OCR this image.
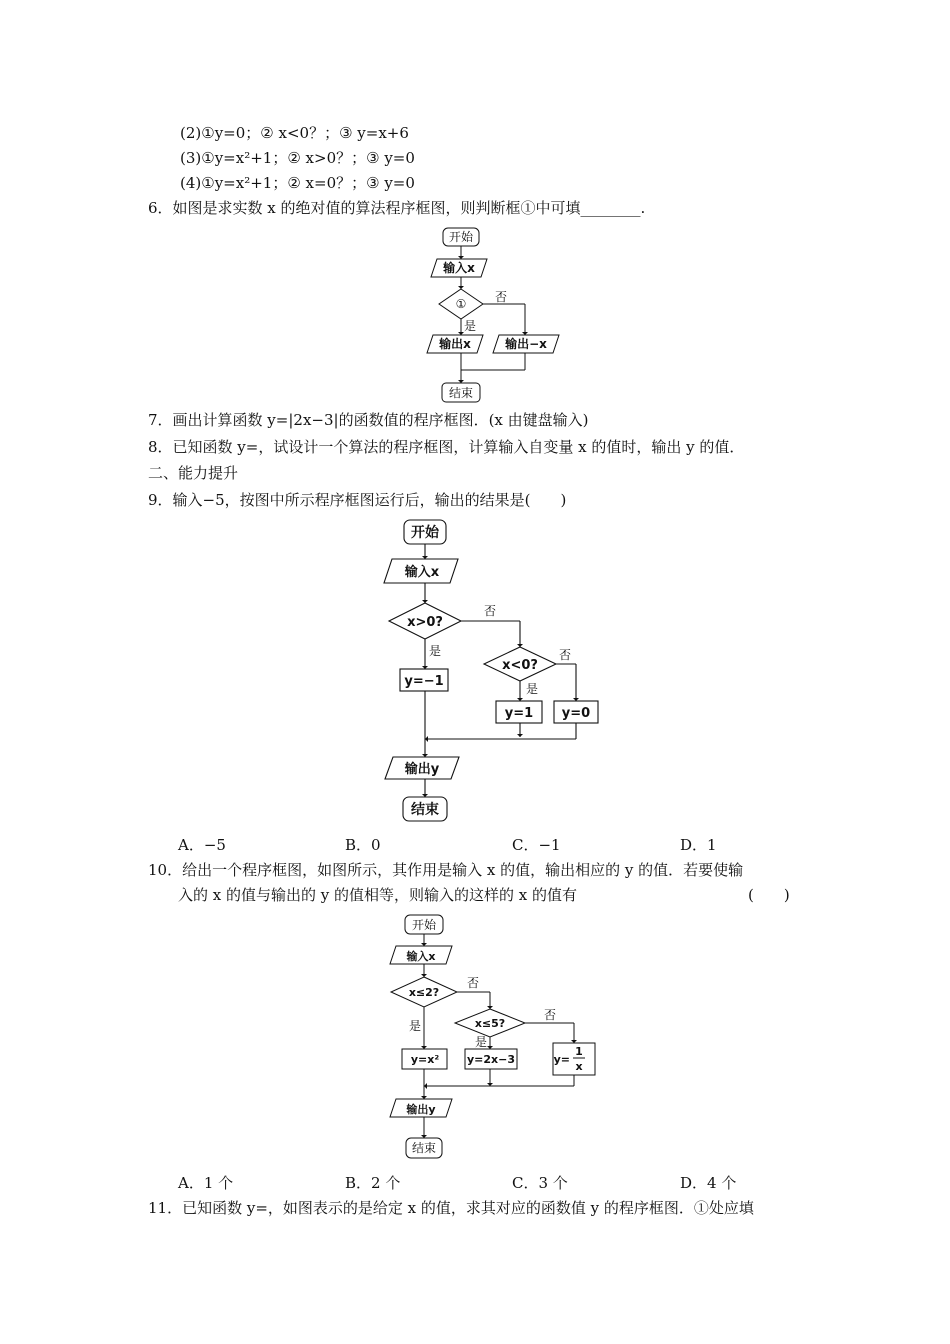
(2)①y=0；② x<0？；③ y=x+6
(3)①y=x²+1；② x>0？；③ y=0
(4)①y=x²+1；② x=0？；③ y=0
6．如图是求实数 x 的绝对值的算法程序框图，则判断框①中可填________.
开始
输入x
① 否
是
输出x	输出−x
结束
7．画出计算函数 y=|2x−3|的函数值的程序框图．(x 由键盘输入)
8．已知函数 y=，试设计一个算法的程序框图，计算输入自变量 x 的值时，输出 y 的值．
二、能力提升
9．输入−5，按图中所示程序框图运行后，输出的结果是(　　)
开始
输入x
x>0?
否
是
x<0?
否
是
y=−1
y=1 y=0
输出y
结束
A．−5	B．0	C．−1	D．1
10．给出一个程序框图，如图所示，其作用是输入 x 的值，输出相应的 y 的值．若要使输
入的 x 的值与输出的 y 的值相等，则输入的这样的 x 的值有	(　　)
开始
输入x
x≤2?
否
是	x≤5?
否
是
y=x²	y=2x−3	y=
1
x
输出y
结束
A．1 个	B．2 个	C．3 个	D．4 个
11．已知函数 y=，如图表示的是给定 x 的值，求其对应的函数值 y 的程序框图．①处应填
